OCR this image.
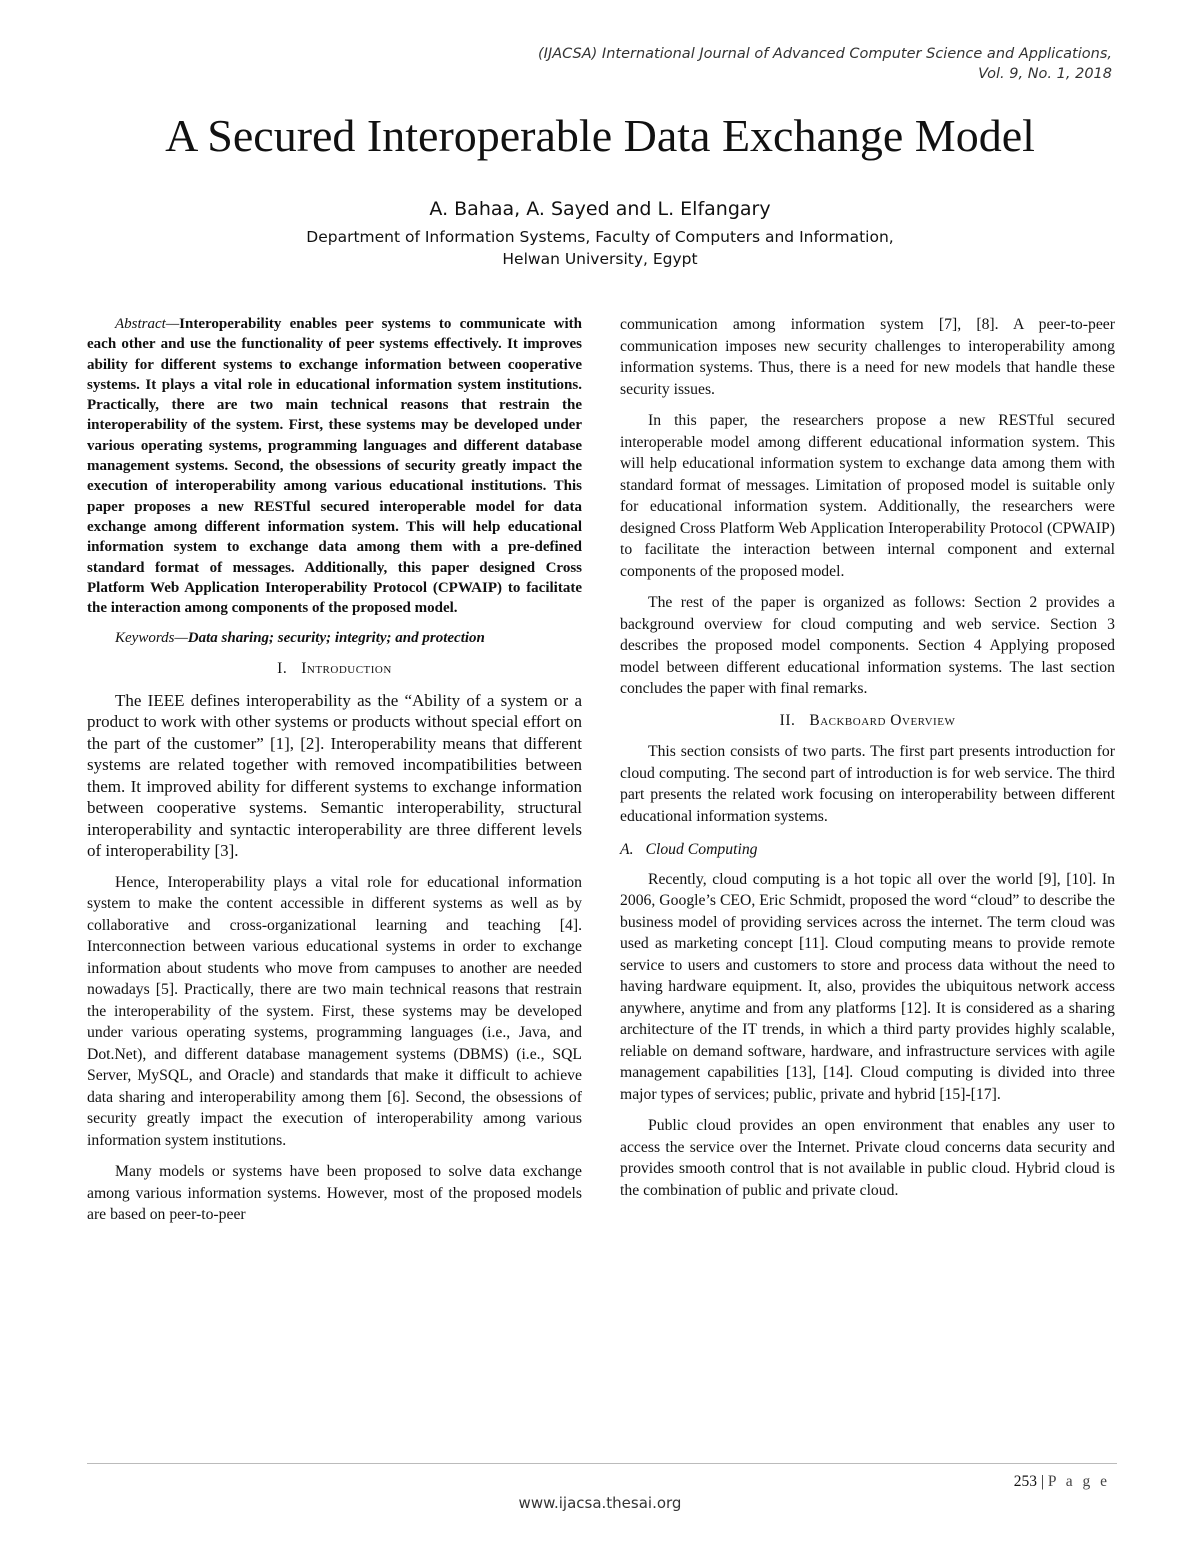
(IJACSA) International Journal of Advanced Computer Science and Applications,
Vol. 9, No. 1, 2018
A Secured Interoperable Data Exchange Model
A. Bahaa, A. Sayed and L. Elfangary
Department of Information Systems, Faculty of Computers and Information,
Helwan University, Egypt

Abstract—Interoperability enables peer systems to communicate with each other and use the functionality of peer systems effectively. It improves ability for different systems to exchange information between cooperative systems. It plays a vital role in educational information system institutions. Practically, there are two main technical reasons that restrain the interoperability of the system. First, these systems may be developed under various operating systems, programming languages and different database management systems. Second, the obsessions of security greatly impact the execution of interoperability among various educational institutions. This paper proposes a new RESTful secured interoperable model for data exchange among different information system. This will help educational information system to exchange data among them with a pre-defined standard format of messages. Additionally, this paper designed Cross Platform Web Application Interoperability Protocol (CPWAIP) to facilitate the interaction among components of the proposed model.

Keywords—Data sharing; security; integrity; and protection

I. Introduction

The IEEE defines interoperability as the “Ability of a system or a product to work with other systems or products without special effort on the part of the customer” [1], [2]. Interoperability means that different systems are related together with removed incompatibilities between them. It improved ability for different systems to exchange information between cooperative systems. Semantic interoperability, structural interoperability and syntactic interoperability are three different levels of interoperability [3].

Hence, Interoperability plays a vital role for educational information system to make the content accessible in different systems as well as by collaborative and cross-organizational learning and teaching [4]. Interconnection between various educational systems in order to exchange information about students who move from campuses to another are needed nowadays [5]. Practically, there are two main technical reasons that restrain the interoperability of the system. First, these systems may be developed under various operating systems, programming languages (i.e., Java, and Dot.Net), and different database management systems (DBMS) (i.e., SQL Server, MySQL, and Oracle) and standards that make it difficult to achieve data sharing and interoperability among them [6]. Second, the obsessions of security greatly impact the execution of interoperability among various information system institutions.

Many models or systems have been proposed to solve data exchange among various information systems. However, most of the proposed models are based on peer-to-peer

communication among information system [7], [8]. A peer-to-peer communication imposes new security challenges to interoperability among information systems. Thus, there is a need for new models that handle these security issues.

In this paper, the researchers propose a new RESTful secured interoperable model among different educational information system. This will help educational information system to exchange data among them with standard format of messages. Limitation of proposed model is suitable only for educational information system. Additionally, the researchers were designed Cross Platform Web Application Interoperability Protocol (CPWAIP) to facilitate the interaction between internal component and external components of the proposed model.

The rest of the paper is organized as follows: Section 2 provides a background overview for cloud computing and web service. Section 3 describes the proposed model components. Section 4 Applying proposed model between different educational information systems. The last section concludes the paper with final remarks.

II. Backboard Overview

This section consists of two parts. The first part presents introduction for cloud computing. The second part of introduction is for web service. The third part presents the related work focusing on interoperability between different educational information systems.

A. Cloud Computing

Recently, cloud computing is a hot topic all over the world [9], [10]. In 2006, Google’s CEO, Eric Schmidt, proposed the word “cloud” to describe the business model of providing services across the internet. The term cloud was used as marketing concept [11]. Cloud computing means to provide remote service to users and customers to store and process data without the need to having hardware equipment. It, also, provides the ubiquitous network access anywhere, anytime and from any platforms [12]. It is considered as a sharing architecture of the IT trends, in which a third party provides highly scalable, reliable on demand software, hardware, and infrastructure services with agile management capabilities [13], [14]. Cloud computing is divided into three major types of services; public, private and hybrid [15]-[17].

Public cloud provides an open environment that enables any user to access the service over the Internet. Private cloud concerns data security and provides smooth control that is not available in public cloud. Hybrid cloud is the combination of public and private cloud.

253 | P a g e
www.ijacsa.thesai.org
